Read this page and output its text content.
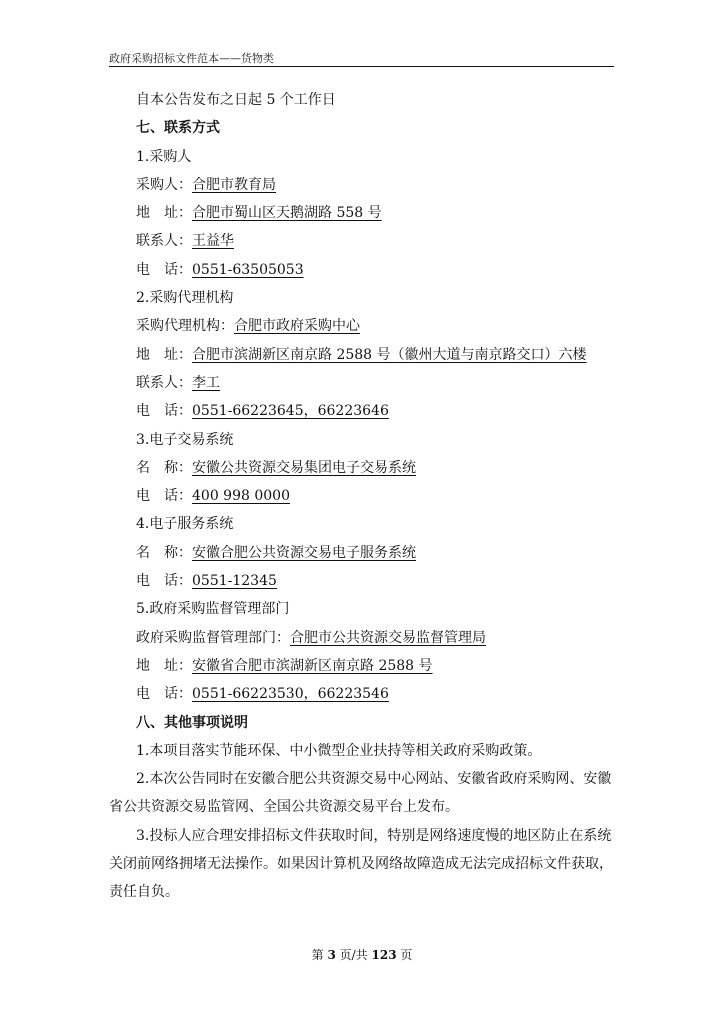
政府采购招标文件范本——货物类
自本公告发布之日起 5 个工作日
七、联系方式
1.采购人
采购人：合肥市教育局
地　址：合肥市蜀山区天鹅湖路 558 号
联系人：王益华
电　话：0551-63505053
2.采购代理机构
采购代理机构：合肥市政府采购中心
地　址：合肥市滨湖新区南京路 2588 号（徽州大道与南京路交口）六楼
联系人：李工
电　话：0551-66223645，66223646
3.电子交易系统
名　称：安徽公共资源交易集团电子交易系统
电　话：400 998 0000
4.电子服务系统
名　称：安徽合肥公共资源交易电子服务系统
电　话：0551-12345
5.政府采购监督管理部门
政府采购监督管理部门：合肥市公共资源交易监督管理局
地　址：安徽省合肥市滨湖新区南京路 2588 号
电　话：0551-66223530，66223546
八、其他事项说明
1.本项目落实节能环保、中小微型企业扶持等相关政府采购政策。
2.本次公告同时在安徽合肥公共资源交易中心网站、安徽省政府采购网、安徽省公共资源交易监管网、全国公共资源交易平台上发布。
3.投标人应合理安排招标文件获取时间，特别是网络速度慢的地区防止在系统关闭前网络拥堵无法操作。如果因计算机及网络故障造成无法完成招标文件获取，责任自负。
第 3 页/共 123 页
